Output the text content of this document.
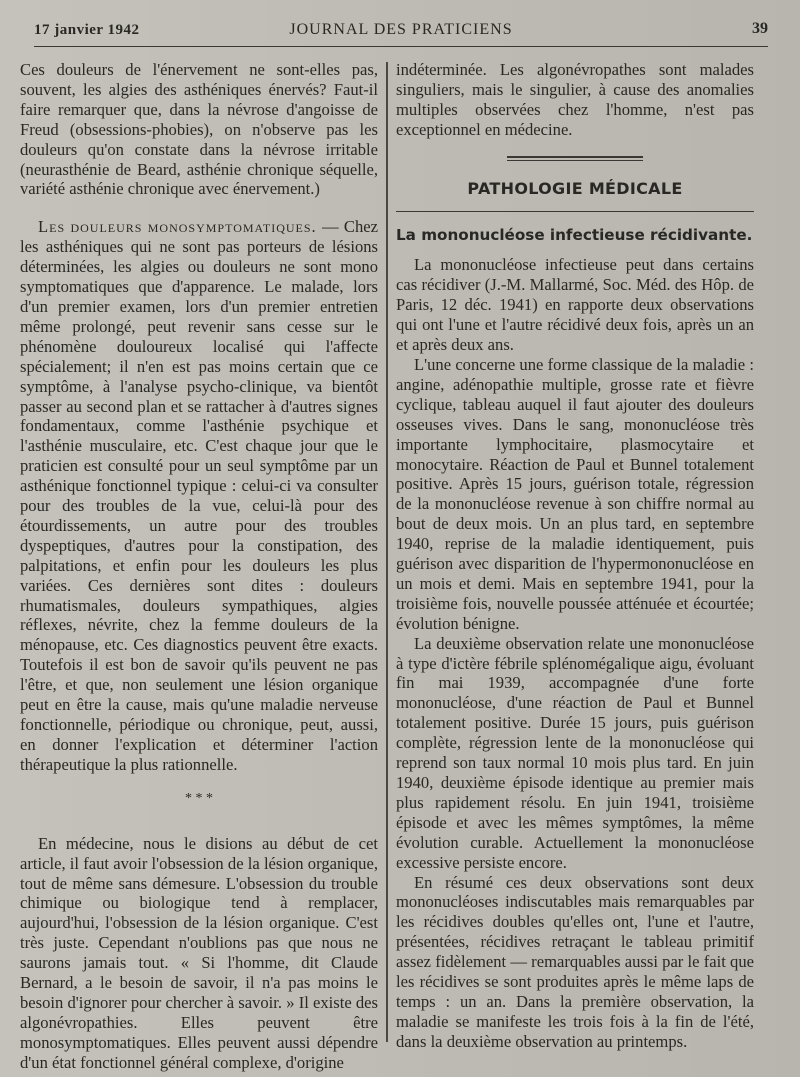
17 janvier 1942	JOURNAL DES PRATICIENS	39

Ces douleurs de l'énervement ne sont-elles pas, souvent, les algies des asthéniques énervés? Faut-il faire remarquer que, dans la névrose d'angoisse de Freud (obsessions-phobies), on n'observe pas les douleurs qu'on constate dans la névrose irritable (neurasthénie de Beard, asthénie chronique séquelle, variété asthénie chronique avec énervement.)

Les douleurs monosymptomatiques. — Chez les asthéniques qui ne sont pas porteurs de lésions déterminées, les algies ou douleurs ne sont mono symptomatiques que d'apparence. Le malade, lors d'un premier examen, lors d'un premier entretien même prolongé, peut revenir sans cesse sur le phénomène douloureux localisé qui l'affecte spécialement; il n'en est pas moins certain que ce symptôme, à l'analyse psycho-clinique, va bientôt passer au second plan et se rattacher à d'autres signes fondamentaux, comme l'asthénie psychique et l'asthénie musculaire, etc. C'est chaque jour que le praticien est consulté pour un seul symptôme par un asthénique fonctionnel typique : celui-ci va consulter pour des troubles de la vue, celui-là pour des étourdissements, un autre pour des troubles dyspeptiques, d'autres pour la constipation, des palpitations, et enfin pour les douleurs les plus variées. Ces dernières sont dites : douleurs rhumatismales, douleurs sympathiques, algies réflexes, névrite, chez la femme douleurs de la ménopause, etc. Ces diagnostics peuvent être exacts. Toutefois il est bon de savoir qu'ils peuvent ne pas l'être, et que, non seulement une lésion organique peut en être la cause, mais qu'une maladie nerveuse fonctionnelle, périodique ou chronique, peut, aussi, en donner l'explication et déterminer l'action thérapeutique la plus rationnelle.

* * *

En médecine, nous le disions au début de cet article, il faut avoir l'obsession de la lésion organique, tout de même sans démesure. L'obsession du trouble chimique ou biologique tend à remplacer, aujourd'hui, l'obsession de la lésion organique. C'est très juste. Cependant n'oublions pas que nous ne saurons jamais tout. « Si l'homme, dit Claude Bernard, a le besoin de savoir, il n'a pas moins le besoin d'ignorer pour chercher à savoir. » Il existe des algonévropathies. Elles peuvent être monosymptomatiques. Elles peuvent aussi dépendre d'un état fonctionnel général complexe, d'origine

indéterminée. Les algonévropathes sont malades singuliers, mais le singulier, à cause des anomalies multiples observées chez l'homme, n'est pas exceptionnel en médecine.

PATHOLOGIE MÉDICALE
La mononucléose infectieuse récidivante.

La mononucléose infectieuse peut dans certains cas récidiver (J.-M. Mallarmé, Soc. Méd. des Hôp. de Paris, 12 déc. 1941) en rapporte deux observations qui ont l'une et l'autre récidivé deux fois, après un an et après deux ans.

L'une concerne une forme classique de la maladie : angine, adénopathie multiple, grosse rate et fièvre cyclique, tableau auquel il faut ajouter des douleurs osseuses vives. Dans le sang, mononucléose très importante lymphocitaire, plasmocytaire et monocytaire. Réaction de Paul et Bunnel totalement positive. Après 15 jours, guérison totale, régression de la mononucléose revenue à son chiffre normal au bout de deux mois. Un an plus tard, en septembre 1940, reprise de la maladie identiquement, puis guérison avec disparition de l'hypermononucléose en un mois et demi. Mais en septembre 1941, pour la troisième fois, nouvelle poussée atténuée et écourtée; évolution bénigne.

La deuxième observation relate une mononucléose à type d'ictère fébrile splénomégalique aigu, évoluant fin mai 1939, accompagnée d'une forte mononucléose, d'une réaction de Paul et Bunnel totalement positive. Durée 15 jours, puis guérison complète, régression lente de la mononucléose qui reprend son taux normal 10 mois plus tard. En juin 1940, deuxième épisode identique au premier mais plus rapidement résolu. En juin 1941, troisième épisode et avec les mêmes symptômes, la même évolution curable. Actuellement la mononucléose excessive persiste encore.

En résumé ces deux observations sont deux mononucléoses indiscutables mais remarquables par les récidives doubles qu'elles ont, l'une et l'autre, présentées, récidives retraçant le tableau primitif assez fidèlement — remarquables aussi par le fait que les récidives se sont produites après le même laps de temps : un an. Dans la première observation, la maladie se manifeste les trois fois à la fin de l'été, dans la deuxième observation au printemps.
